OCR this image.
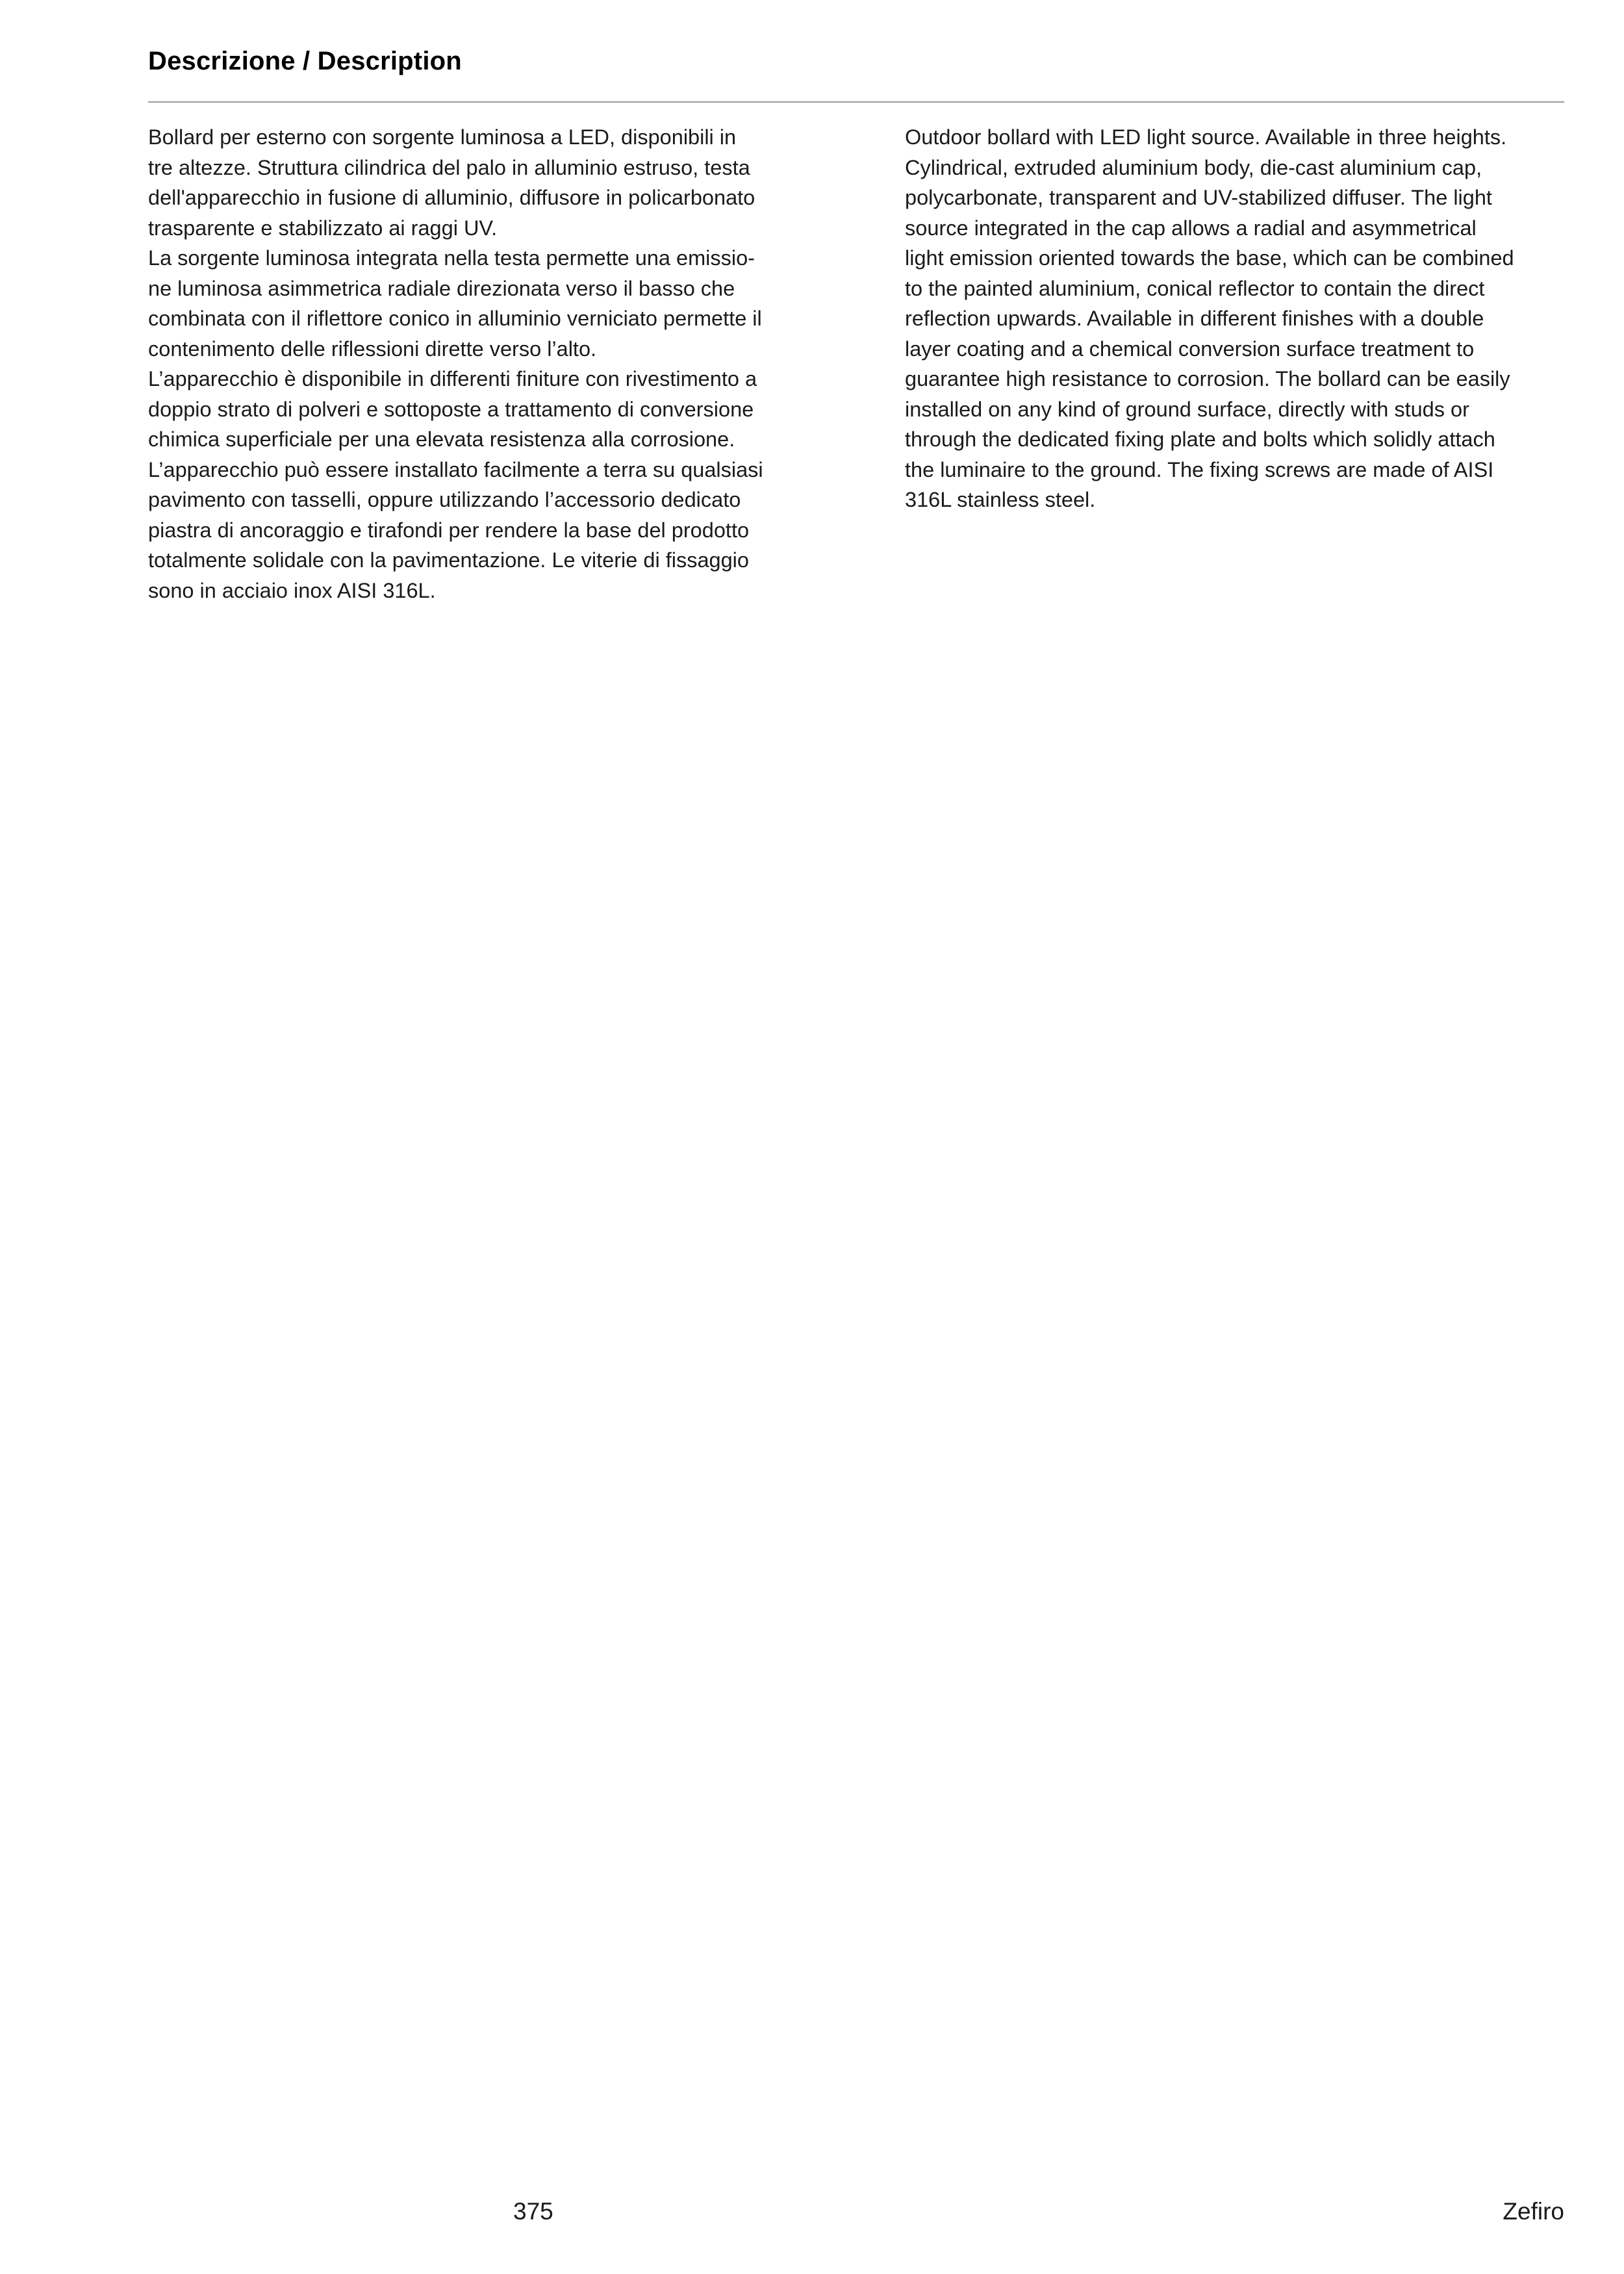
Descrizione / Description

Bollard per esterno con sorgente luminosa a LED, disponibili in
tre altezze. Struttura cilindrica del palo in alluminio estruso, testa
dell'apparecchio in fusione di alluminio, diffusore in policarbonato
trasparente e stabilizzato ai raggi UV.
La sorgente luminosa integrata nella testa permette una emissio-
ne luminosa asimmetrica radiale direzionata verso il basso che
combinata con il riflettore conico in alluminio verniciato permette il
contenimento delle riflessioni dirette verso l’alto.
L’apparecchio è disponibile in differenti finiture con rivestimento a
doppio strato di polveri e sottoposte a trattamento di conversione
chimica superficiale per una elevata resistenza alla corrosione.
L’apparecchio può essere installato facilmente a terra su qualsiasi
pavimento con tasselli, oppure utilizzando l’accessorio dedicato
piastra di ancoraggio e tirafondi per rendere la base del prodotto
totalmente solidale con la pavimentazione. Le viterie di fissaggio
sono in acciaio inox AISI 316L.

Outdoor bollard with LED light source. Available in three heights.
Cylindrical, extruded aluminium body, die-cast aluminium cap,
polycarbonate, transparent and UV-stabilized diffuser. The light
source integrated in the cap allows a radial and asymmetrical
light emission oriented towards the base, which can be combined
to the painted aluminium, conical reflector to contain the direct
reflection upwards. Available in different finishes with a double
layer coating and a chemical conversion surface treatment to
guarantee high resistance to corrosion. The bollard can be easily
installed on any kind of ground surface, directly with studs or
through the dedicated fixing plate and bolts which solidly attach
the luminaire to the ground. The fixing screws are made of AISI
316L stainless steel.

375	Zefiro
